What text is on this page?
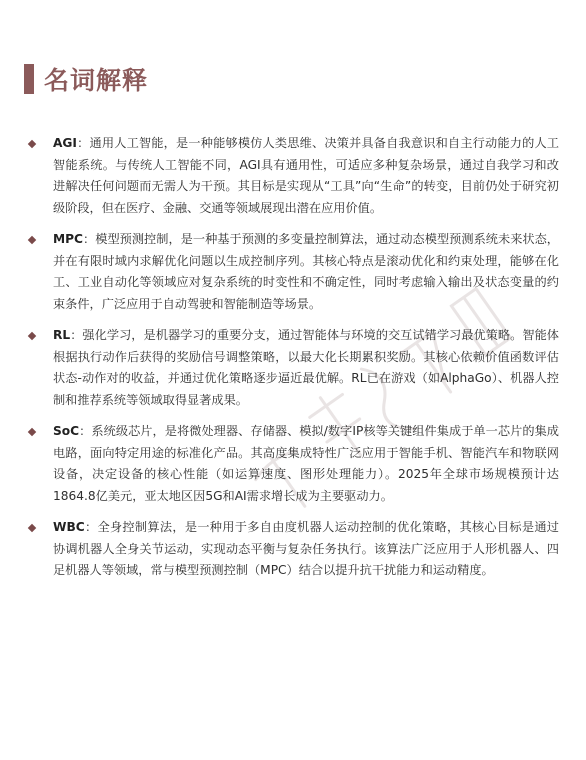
名词解释
AGI：通用人工智能，是一种能够模仿人类思维、决策并具备自我意识和自主行动能力的人工智能系统。与传统人工智能不同，AGI具有通用性，可适应多种复杂场景，通过自我学习和改进解决任何问题而无需人为干预。其目标是实现从“工具”向“生命”的转变，目前仍处于研究初级阶段，但在医疗、金融、交通等领域展现出潜在应用价值。
MPC：模型预测控制，是一种基于预测的多变量控制算法，通过动态模型预测系统未来状态，并在有限时域内求解优化问题以生成控制序列。其核心特点是滚动优化和约束处理，能够在化工、工业自动化等领域应对复杂系统的时变性和不确定性，同时考虑输入输出及状态变量的约束条件，广泛应用于自动驾驶和智能制造等场景。
RL：强化学习，是机器学习的重要分支，通过智能体与环境的交互试错学习最优策略。智能体根据执行动作后获得的奖励信号调整策略，以最大化长期累积奖励。其核心依赖价值函数评估状态-动作对的收益，并通过优化策略逐步逼近最优解。RL已在游戏（如AlphaGo）、机器人控制和推荐系统等领域取得显著成果。
SoC：系统级芯片，是将微处理器、存储器、模拟/数字IP核等关键组件集成于单一芯片的集成电路，面向特定用途的标准化产品。其高度集成特性广泛应用于智能手机、智能汽车和物联网设备，决定设备的核心性能（如运算速度、图形处理能力）。2025年全球市场规模预计达1864.8亿美元，亚太地区因5G和AI需求增长成为主要驱动力。
WBC：全身控制算法，是一种用于多自由度机器人运动控制的优化策略，其核心目标是通过协调机器人全身关节运动，实现动态平衡与复杂任务执行。该算法广泛应用于人形机器人、四足机器人等领域，常与模型预测控制（MPC）结合以提升抗干扰能力和运动精度。
